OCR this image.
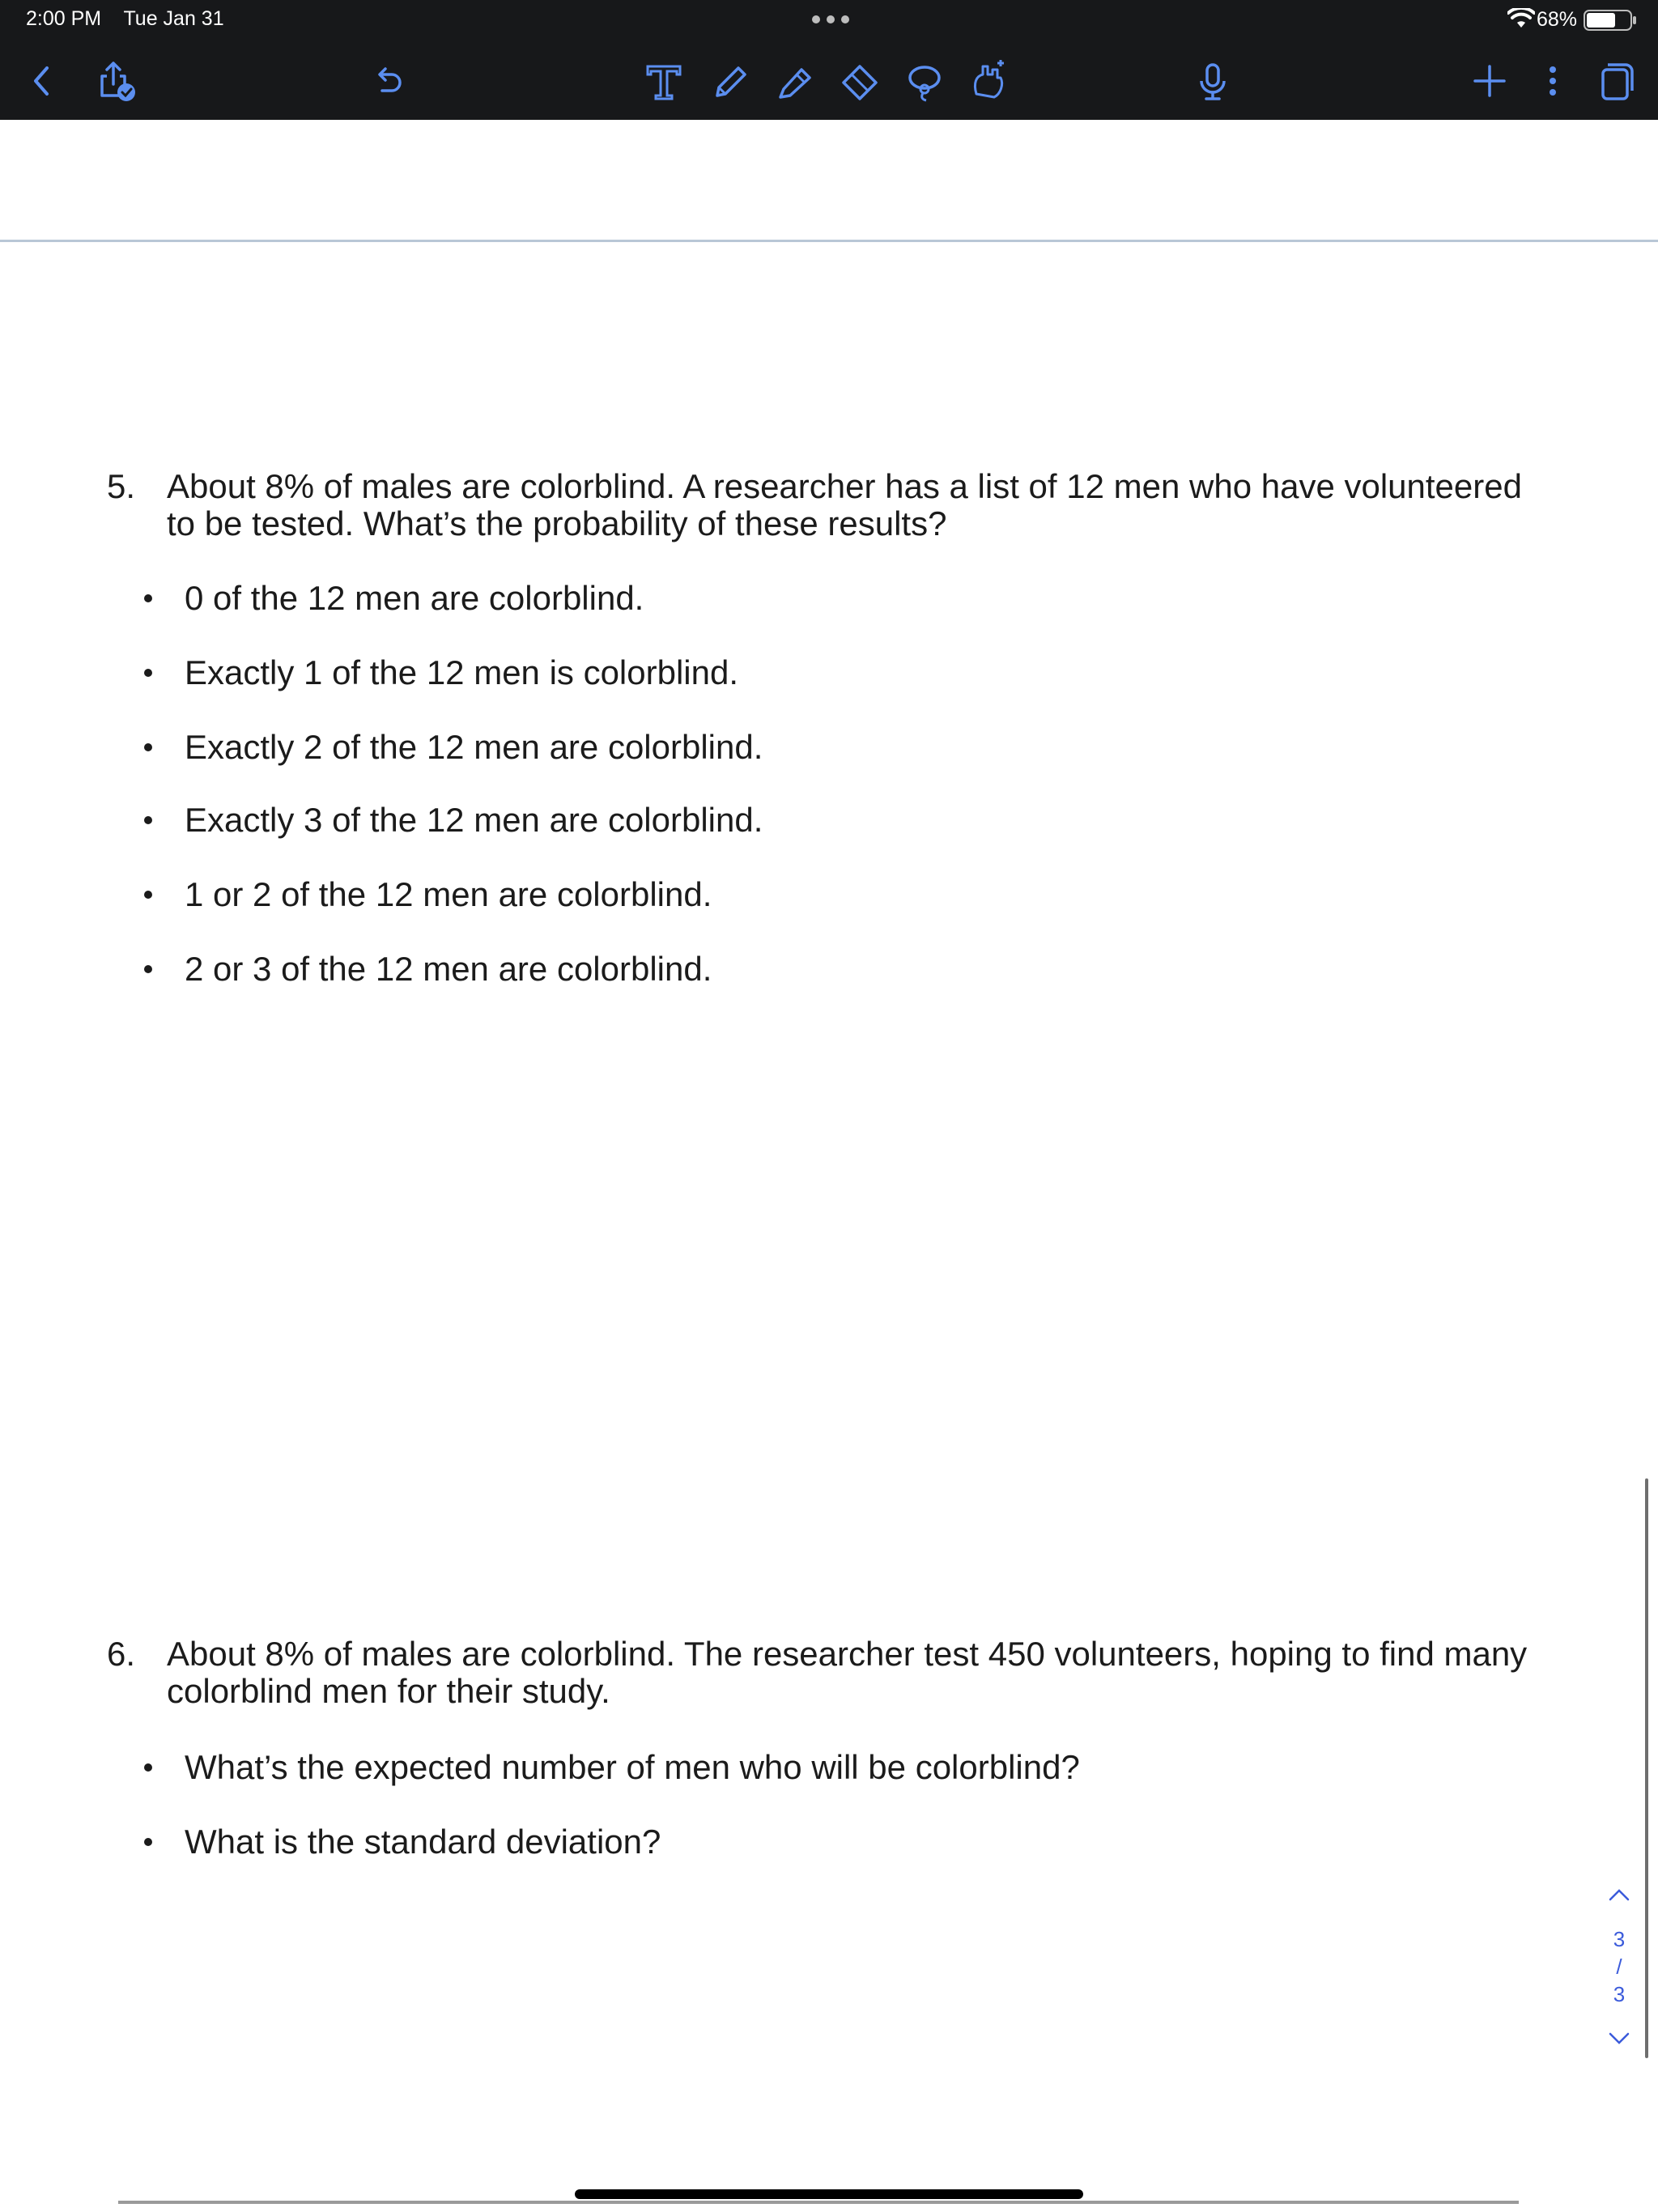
2:00 PM Tue Jan 31	68%
5. About 8% of males are colorblind. A researcher has a list of 12 men who have volunteered
to be tested. What’s the probability of these results?
0 of the 12 men are colorblind.
Exactly 1 of the 12 men is colorblind.
Exactly 2 of the 12 men are colorblind.
Exactly 3 of the 12 men are colorblind.
1 or 2 of the 12 men are colorblind.
2 or 3 of the 12 men are colorblind.
6. About 8% of males are colorblind. The researcher test 450 volunteers, hoping to find many
colorblind men for their study.
What’s the expected number of men who will be colorblind?
What is the standard deviation?
3
/
3
